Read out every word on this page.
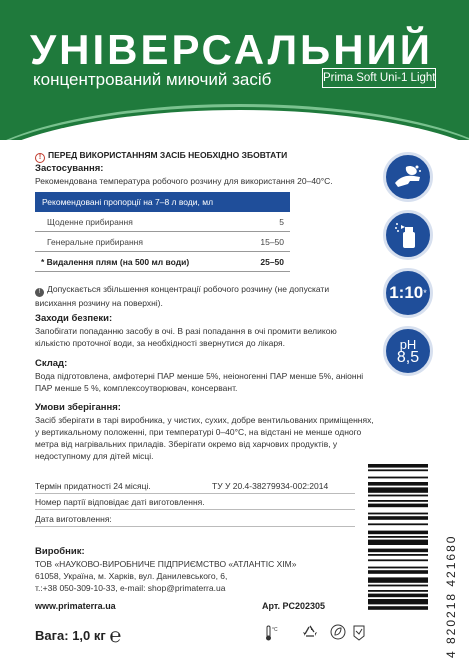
УНІВЕРСАЛЬНИЙ
концентрований миючий засіб	Prima Soft Uni-1 Light
! ПЕРЕД ВИКОРИСТАННЯМ ЗАСІБ НЕОБХІДНО ЗБОВТАТИ
Застосування:
Рекомендована температура робочого розчину для використання 20–40°C.
Рекомендовані пропорції на 7–8 л води, мл
Щоденне прибирання	5
Генеральне прибирання	15–50
* Видалення плям (на 500 мл води)	25–50
! Допускається збільшення концентрації робочого розчину (не допускати висихання розчину на поверхні).
Заходи безпеки:
Запобігати попаданню засобу в очі. В разі попадання в очі промити великою кількістю проточної води, за необхідності звернутися до лікаря.
Склад:
Вода підготовлена, амфотерні ПАР менше 5%, неіоногенні ПАР менше 5%, аніонні ПАР менше 5 %, комплексоутворювач, консервант.
Умови зберігання:
Засіб зберігати в тарі виробника, у чистих, сухих, добре вентильованих приміщеннях, у вертикальному положенні, при температурі 0–40°C, на відстані не менше одного метра від нагрівальних приладів. Зберігати окремо від харчових продуктів, у недоступному для дітей місці.
Термін придатності 24 місяці.	ТУ У 20.4-38279934-002:2014
Номер партії відповідає даті виготовлення.
Дата виготовлення:
Виробник:
ТОВ «НАУКОВО-ВИРОБНИЧЕ ПІДПРИЄМСТВО «АТЛАНТІС ХІМ»
61058, Україна, м. Харків, вул. Данилевського, 6,
т.:+38 050-309-10-33, e-mail: shop@primaterra.ua
www.primaterra.ua	Арт. PC202305
Вага: 1,0 кг ℮	°C
1:10 *
pH
8,5
4 820218 421680
